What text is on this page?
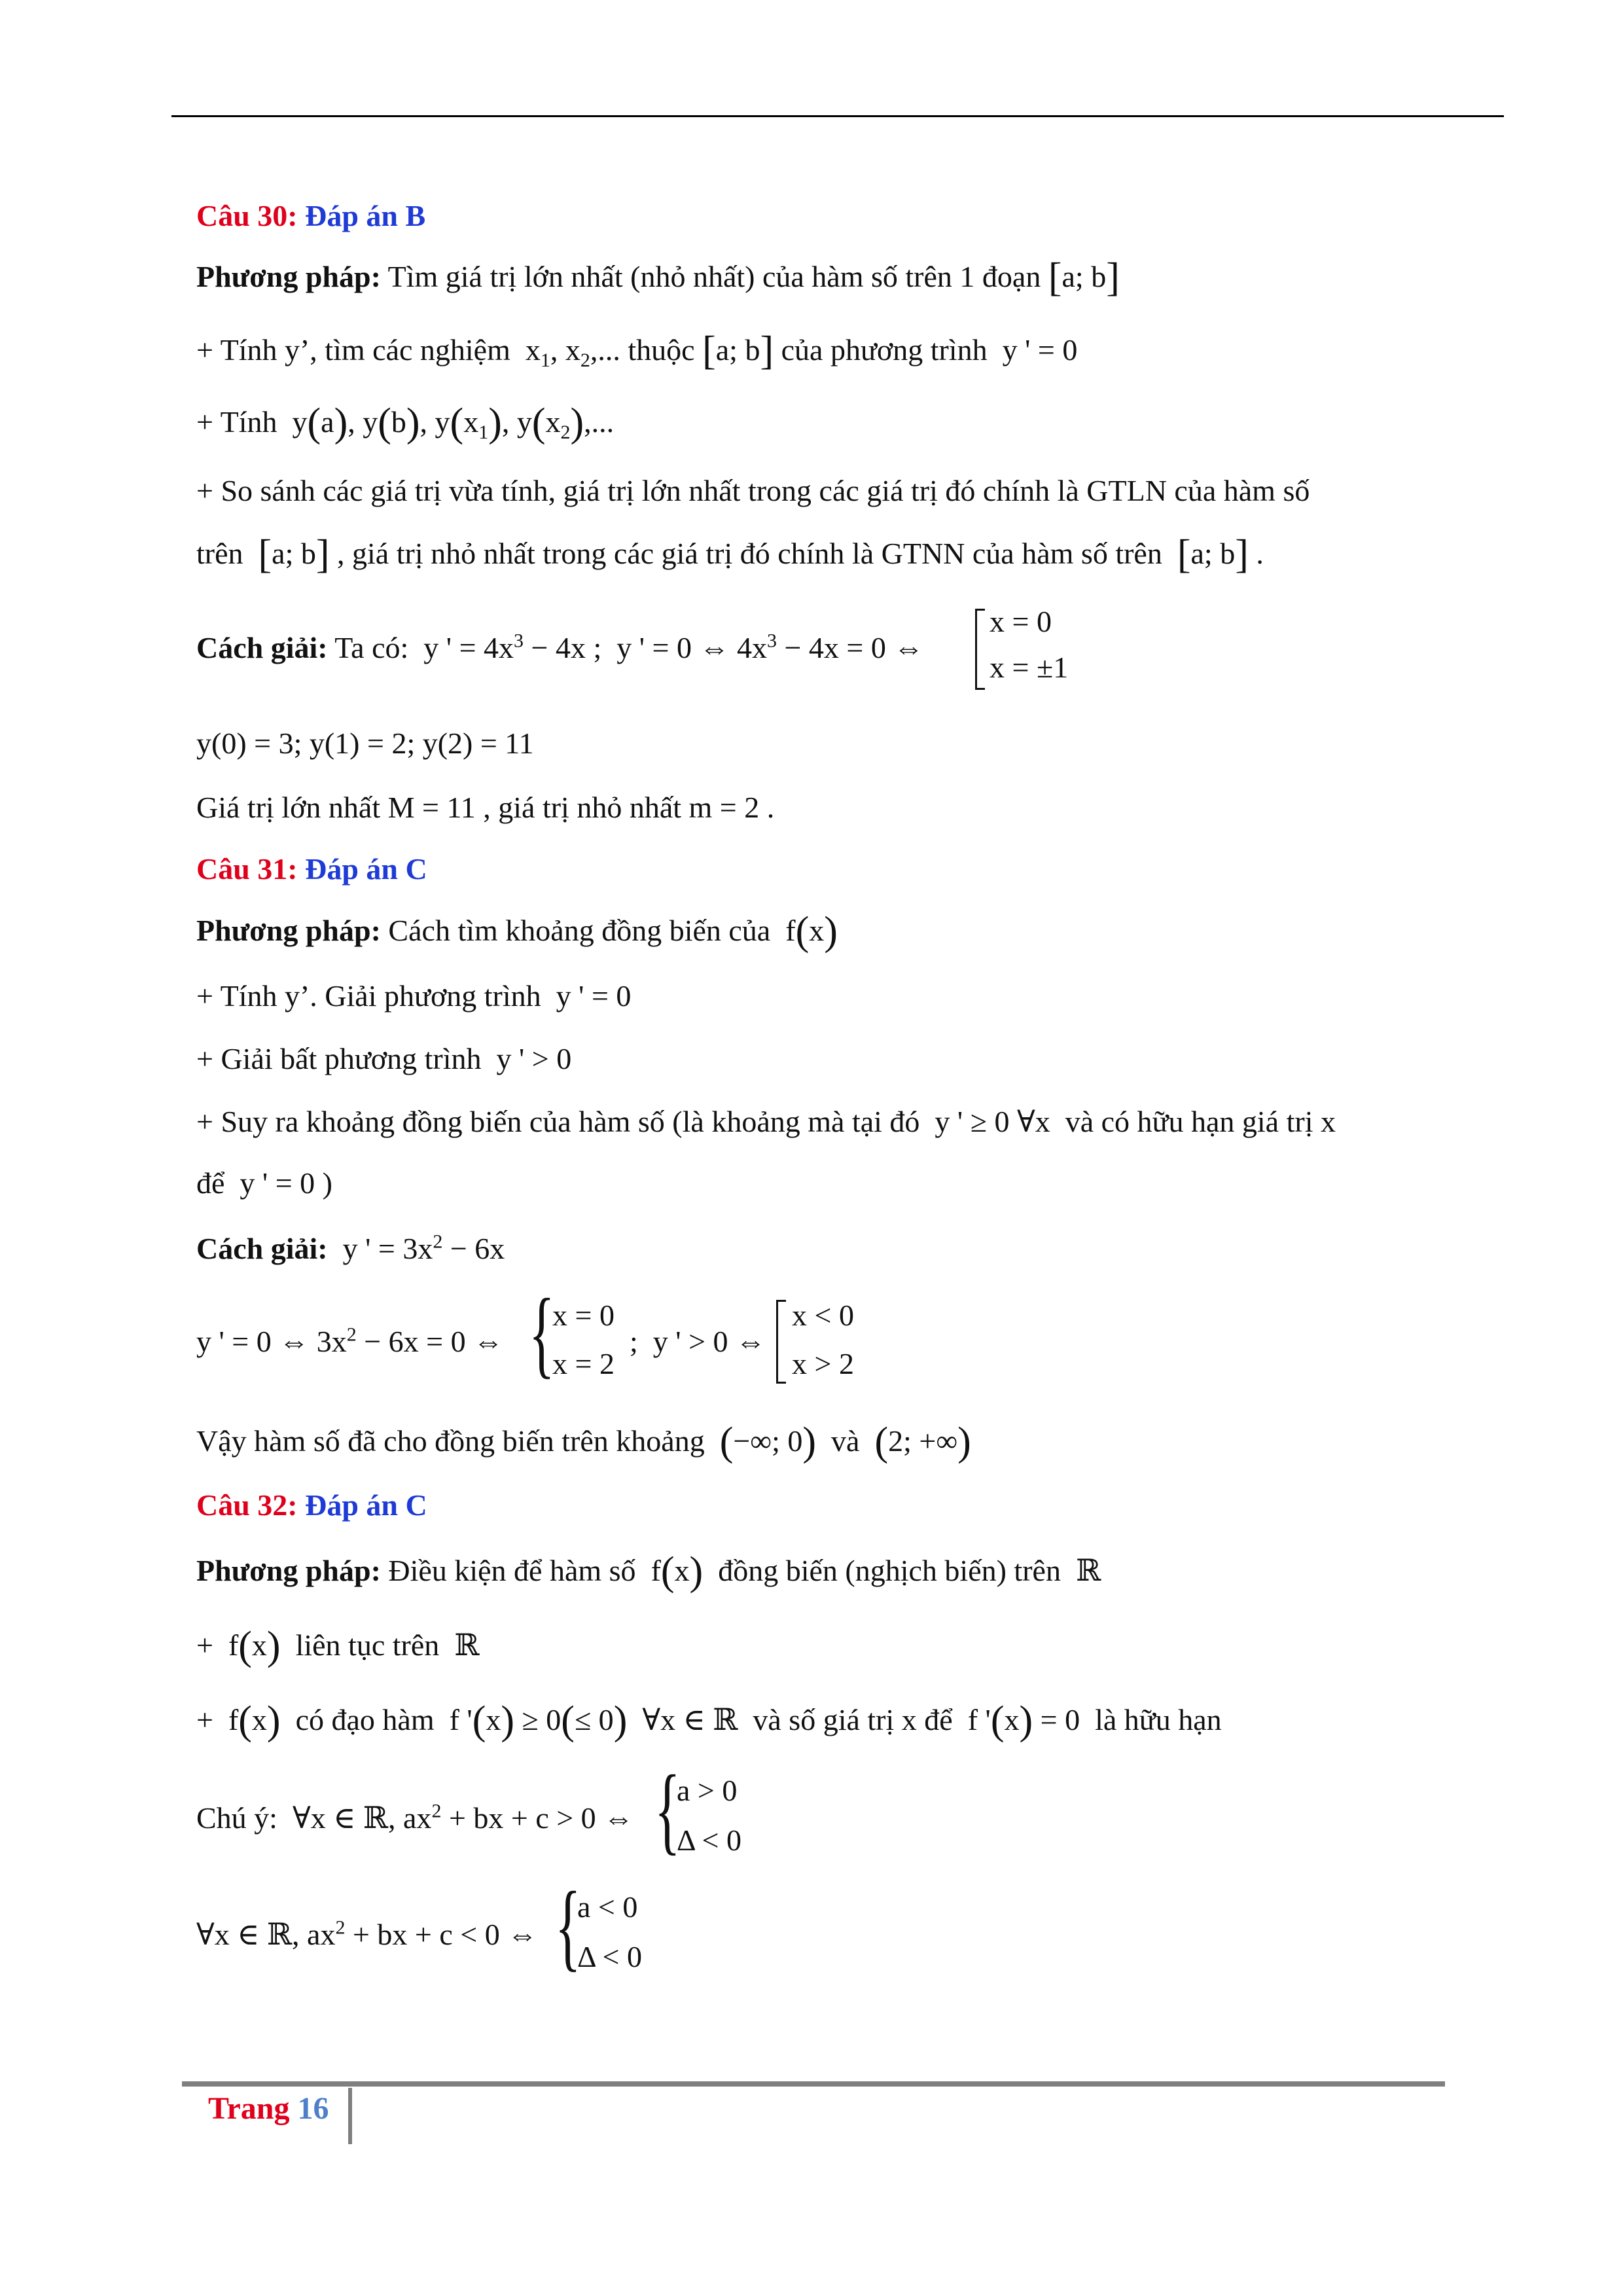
Câu 30: Đáp án B
Phương pháp: Tìm giá trị lớn nhất (nhỏ nhất) của hàm số trên 1 đoạn [a; b]
+ Tính y’, tìm các nghiệm  $x_1$, $x_2$,... thuộc [a; b] của phương trình  y ' = 0
+ Tính  y(a), y(b), $y(x_1)$, $y(x_2)$,...
+ So sánh các giá trị vừa tính, giá trị lớn nhất trong các giá trị đó chính là GTLN của hàm số
trên [a; b] , giá trị nhỏ nhất trong các giá trị đó chính là GTNN của hàm số trên [a; b] .
Cách giải: Ta có:  y ' = $4x^3 - 4x$ ;  y ' = 0 ⇔ $4x^3 - 4x = 0$ ⇔
x = 0
x = ±1
y(0) = 3; y(1) = 2; y(2) = 11
Giá trị lớn nhất M = 11 , giá trị nhỏ nhất m = 2 .
Câu 31: Đáp án C
Phương pháp: Cách tìm khoảng đồng biến của  f(x)
+ Tính y’. Giải phương trình  y ' = 0
+ Giải bất phương trình  y ' > 0
+ Suy ra khoảng đồng biến của hàm số (là khoảng mà tại đó  y ' ≥ 0 ∀x  và có hữu hạn giá trị x
để  y ' = 0 )
Cách giải:  y ' = $3x^2 - 6x$
y ' = 0 ⇔ $3x^2 - 6x = 0$ ⇔ {
x = 0
x = 2
;  y ' > 0 ⇔
x < 0
x > 2
Vậy hàm số đã cho đồng biến trên khoảng (−∞; 0) và (2; +∞)
Câu 32: Đáp án C
Phương pháp: Điều kiện để hàm số  f(x) đồng biến (nghịch biến) trên  ℝ
+  f(x) liên tục trên  ℝ
+  f(x) có đạo hàm  f '(x) ≥ 0(≤ 0)  ∀x ∈ ℝ  và số giá trị x để  f '(x) = 0  là hữu hạn
Chú ý:  ∀x ∈ ℝ, $ax^2$ + bx + c > 0 ⇔ {
a > 0
Δ < 0
∀x ∈ ℝ, $ax^2$ + bx + c < 0 ⇔ {
a < 0
Δ < 0
Trang 16
